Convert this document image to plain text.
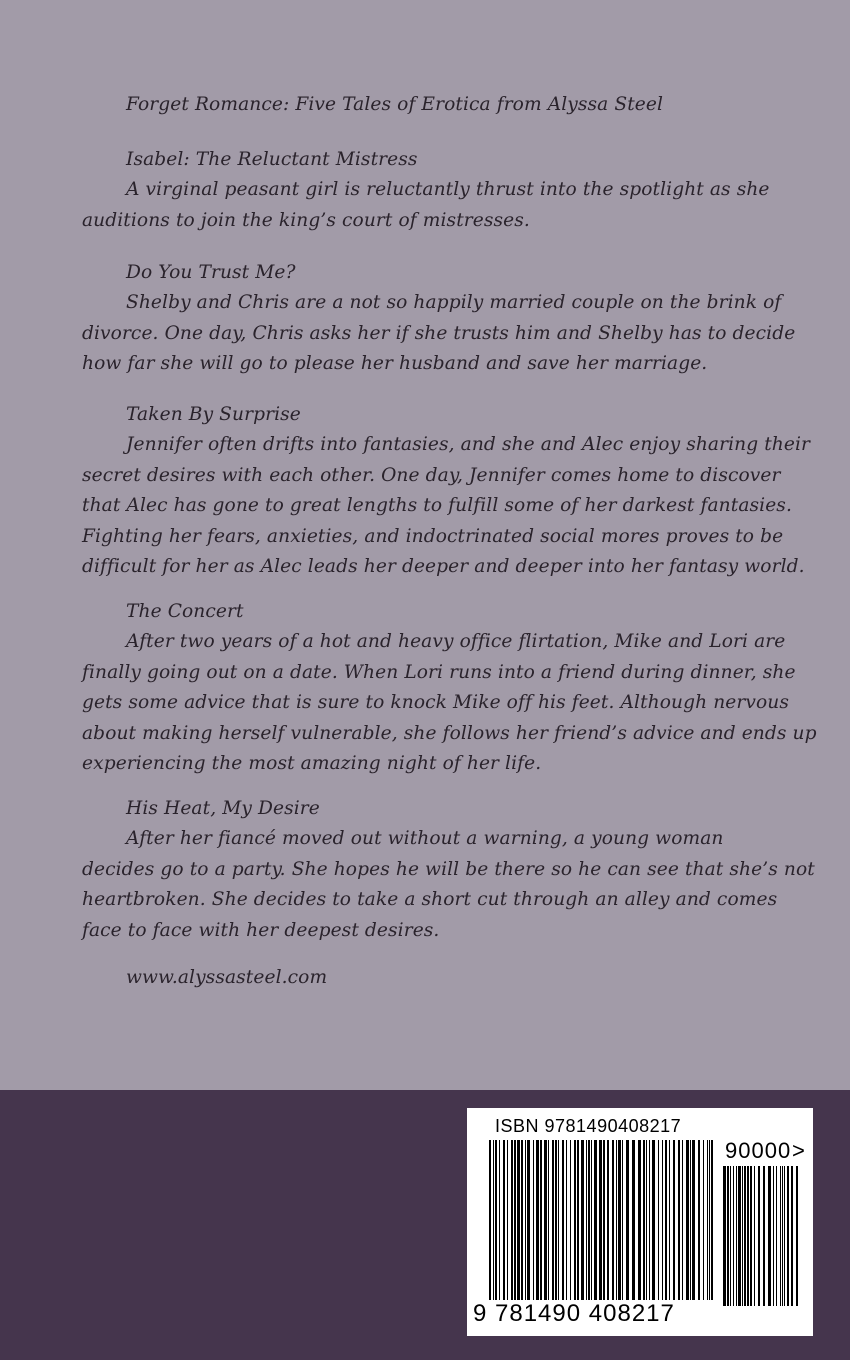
Forget Romance: Five Tales of Erotica from Alyssa Steel
Isabel: The Reluctant Mistress
A virginal peasant girl is reluctantly thrust into the spotlight as she
auditions to join the king’s court of mistresses.
Do You Trust Me?
Shelby and Chris are a not so happily married couple on the brink of
divorce. One day, Chris asks her if she trusts him and Shelby has to decide
how far she will go to please her husband and save her marriage.
Taken By Surprise
Jennifer often drifts into fantasies, and she and Alec enjoy sharing their
secret desires with each other. One day, Jennifer comes home to discover
that Alec has gone to great lengths to fulfill some of her darkest fantasies.
Fighting her fears, anxieties, and indoctrinated social mores proves to be
difficult for her as Alec leads her deeper and deeper into her fantasy world.
The Concert
After two years of a hot and heavy office flirtation, Mike and Lori are
finally going out on a date. When Lori runs into a friend during dinner, she
gets some advice that is sure to knock Mike off his feet. Although nervous
about making herself vulnerable, she follows her friend’s advice and ends up
experiencing the most amazing night of her life.
His Heat, My Desire
After her fiancé moved out without a warning, a young woman
decides go to a party. She hopes he will be there so he can see that she’s not
heartbroken. She decides to take a short cut through an alley and comes
face to face with her deepest desires.
www.alyssasteel.com
ISBN 9781490408217
90000 >
9 781490 408217
